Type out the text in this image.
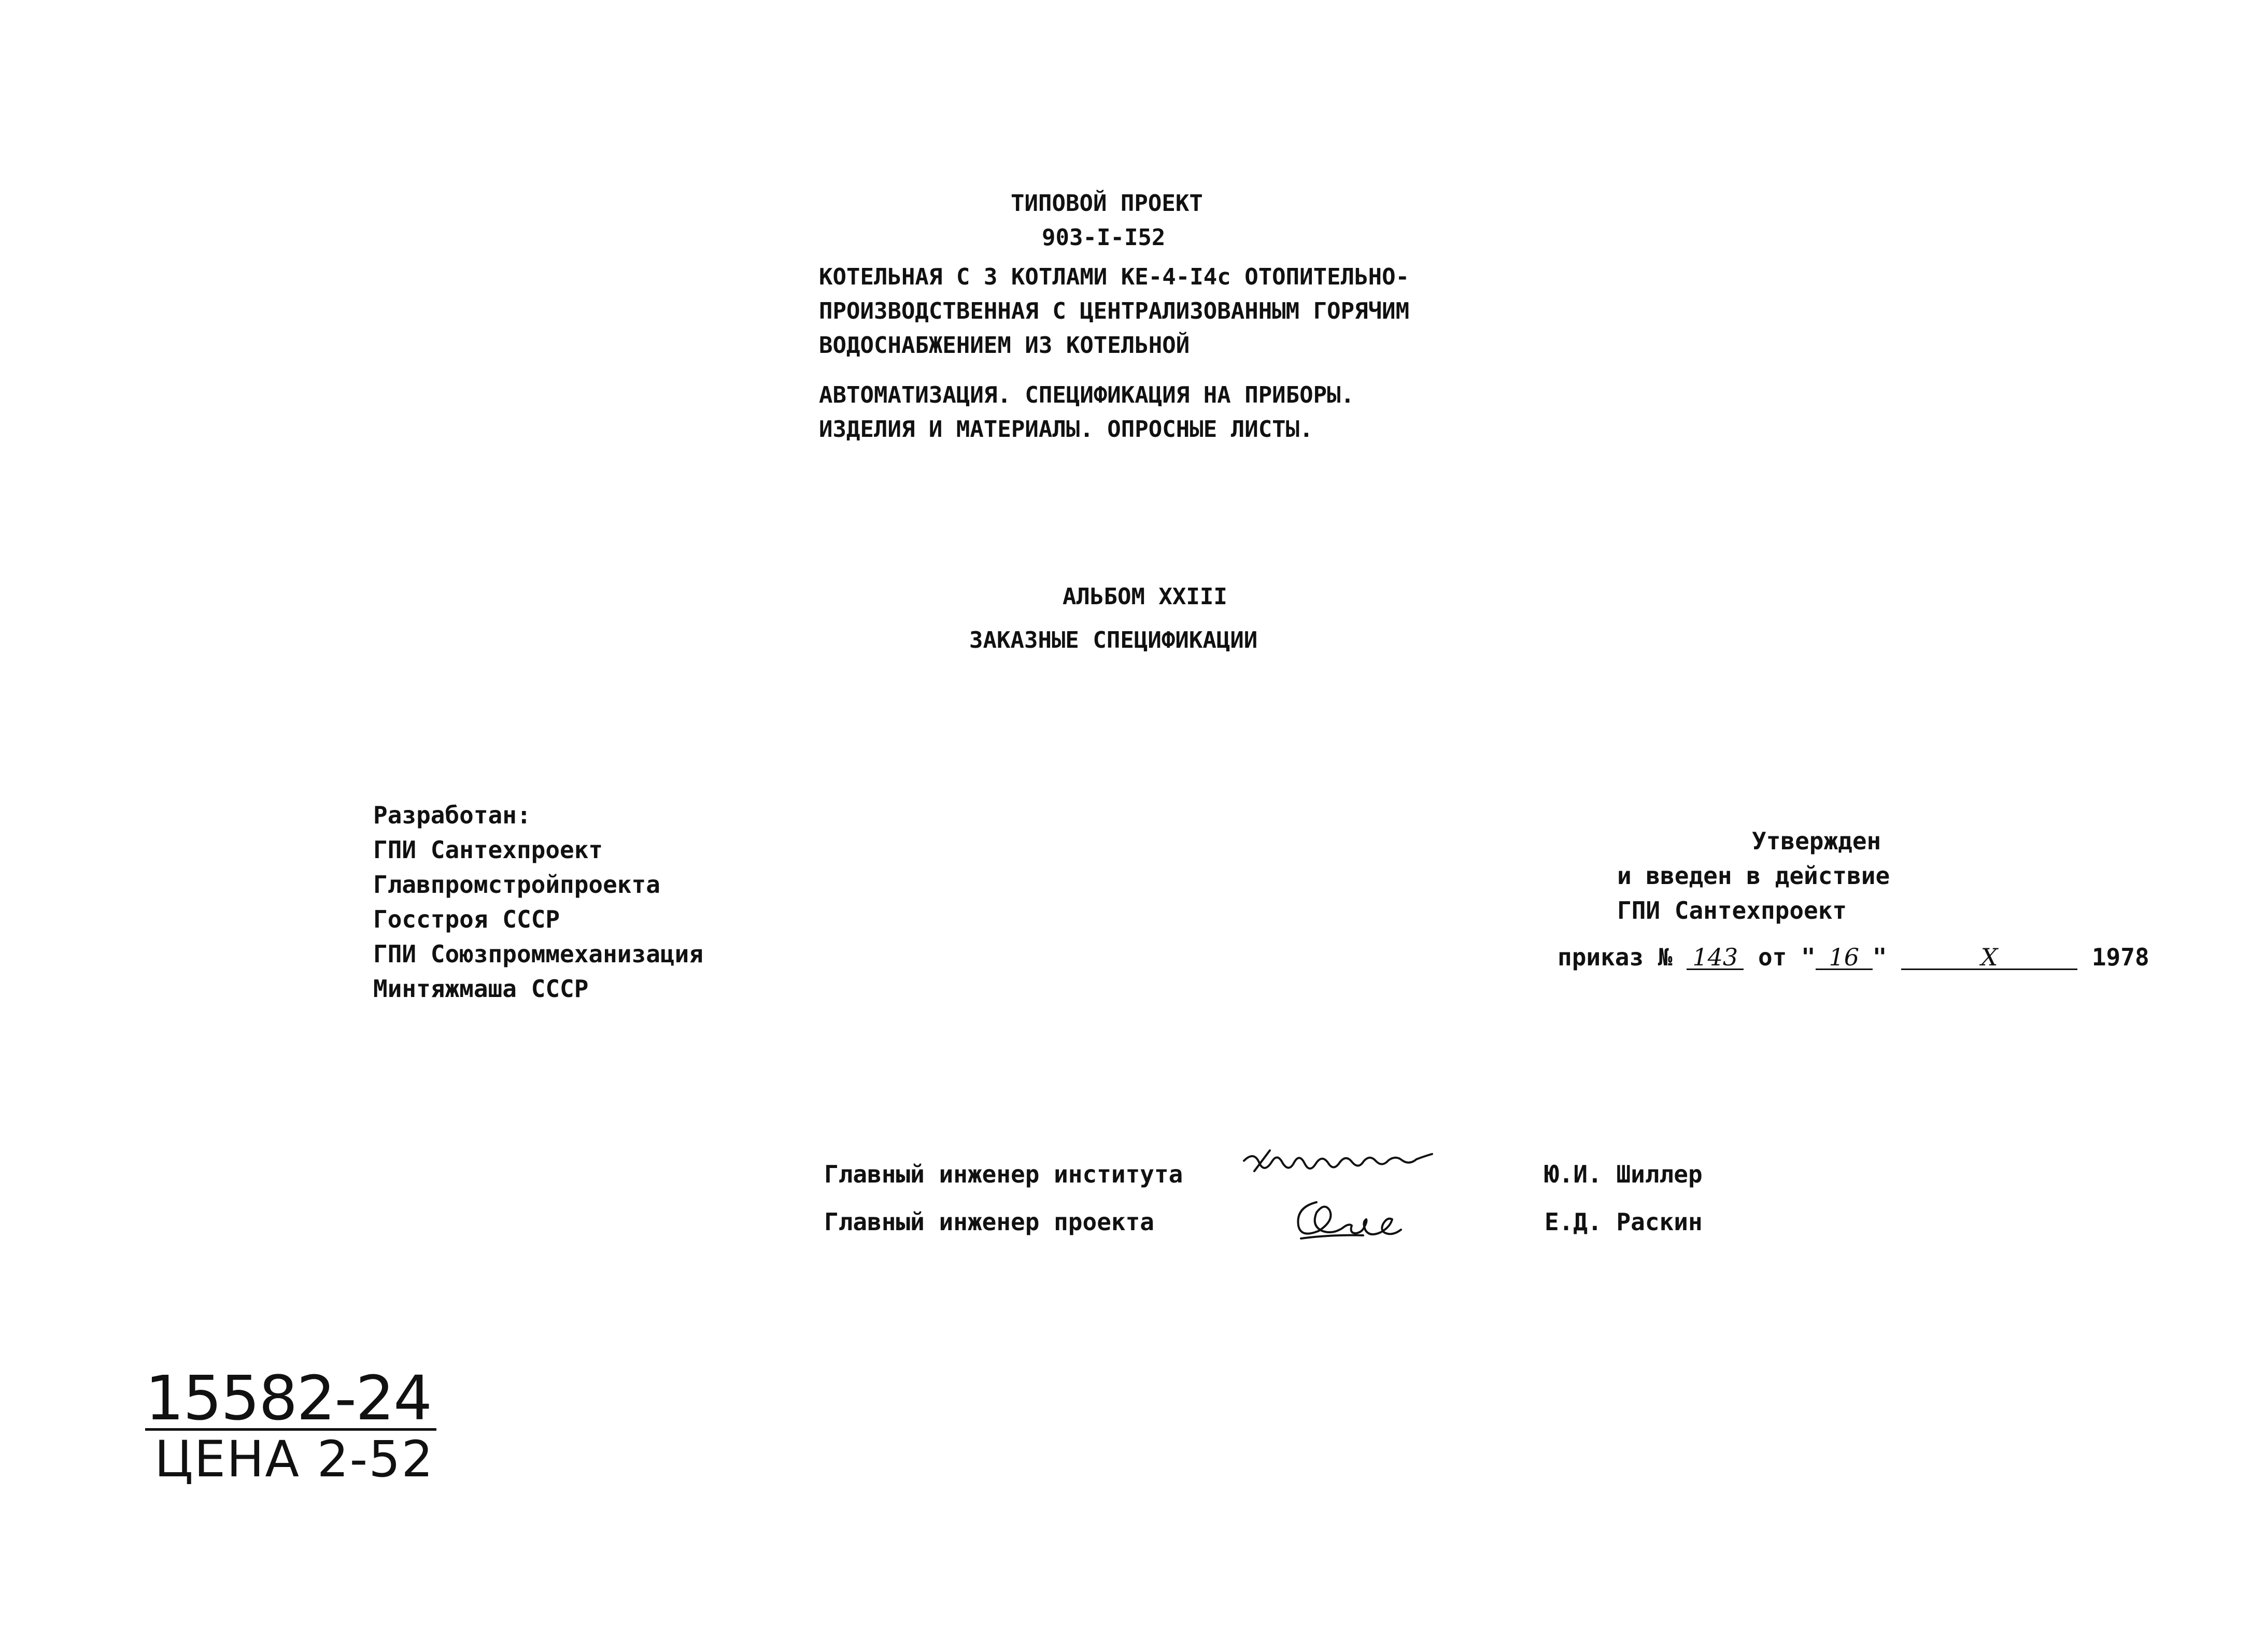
ТИПОВОЙ ПРОЕКТ
903-I-I52
КОТЕЛЬНАЯ С 3 КОТЛАМИ КЕ-4-I4с ОТОПИТЕЛЬНО-
ПРОИЗВОДСТВЕННАЯ С ЦЕНТРАЛИЗОВАННЫМ ГОРЯЧИМ
ВОДОСНАБЖЕНИЕМ ИЗ КОТЕЛЬНОЙ
АВТОМАТИЗАЦИЯ. СПЕЦИФИКАЦИЯ НА ПРИБОРЫ.
ИЗДЕЛИЯ И МАТЕРИАЛЫ. ОПРОСНЫЕ ЛИСТЫ.
АЛЬБОМ XXIII
ЗАКАЗНЫЕ СПЕЦИФИКАЦИИ
Разработан:
ГПИ Сантехпроект
Главпромстройпроекта
Госстроя СССР
ГПИ Союзпроммеханизация
Минтяжмаша СССР
Утвержден
и введен в действие
ГПИ Сантехпроект
приказ № 143 от " 16 "	X	1978
Главный инженер института
Главный инженер проекта
Ю.И. Шиллер
Е.Д. Раскин
15582-24
ЦЕНА 2-52
